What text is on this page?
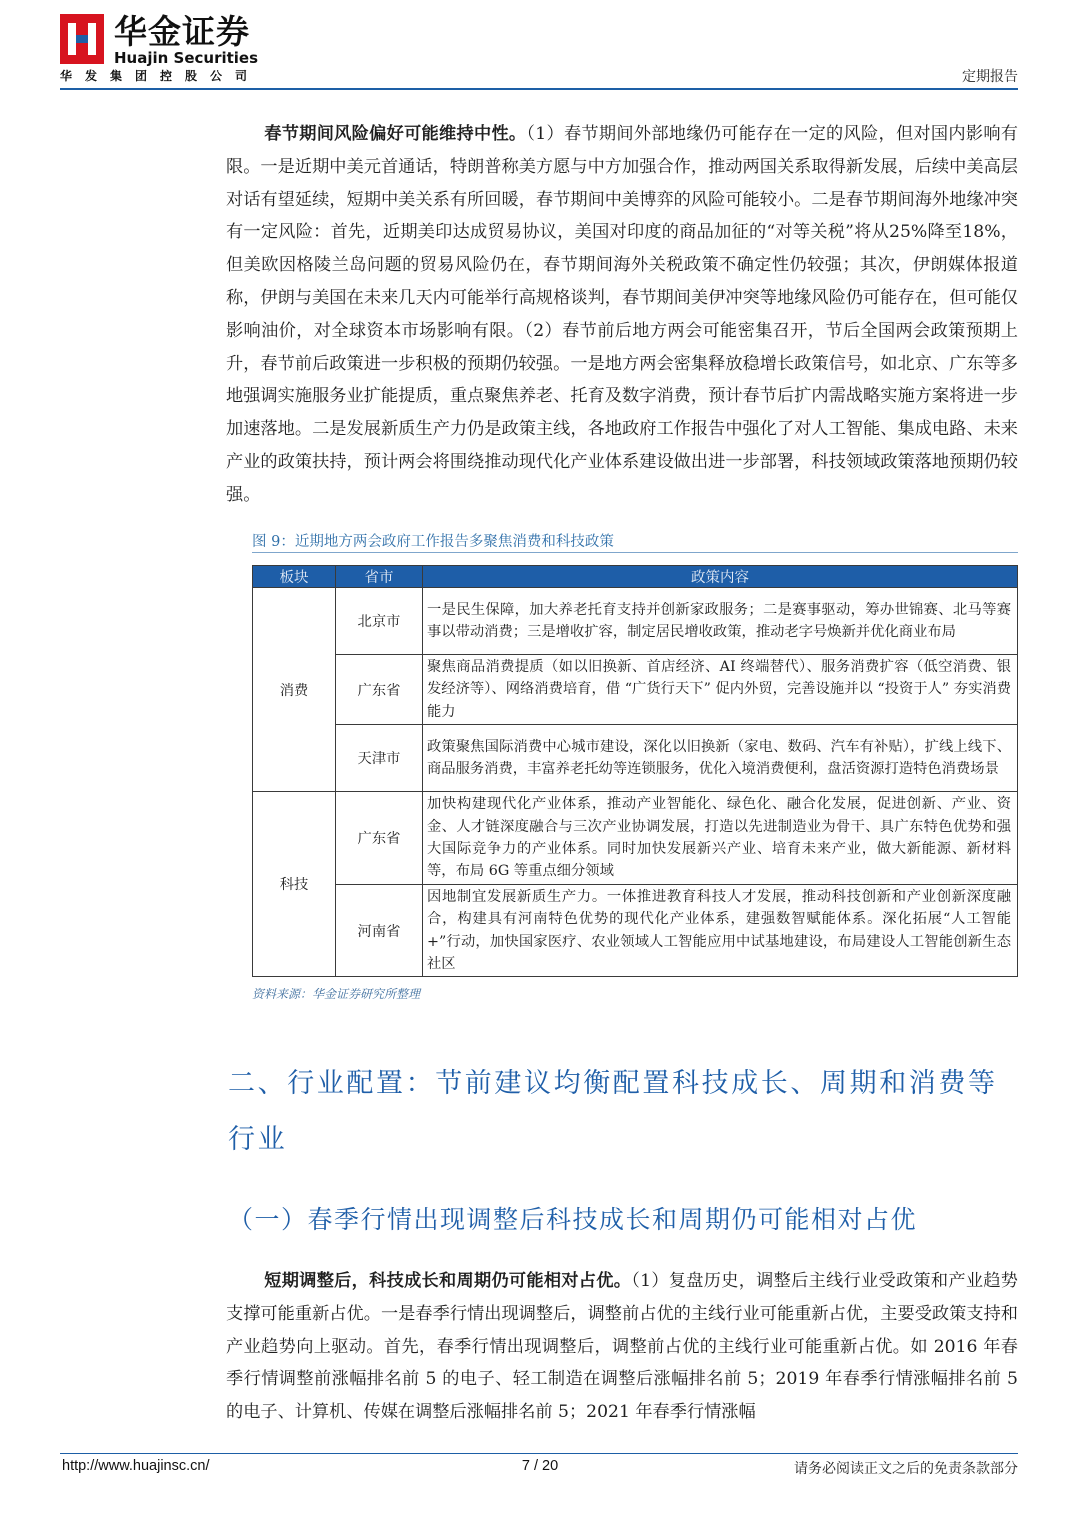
华金证券
Huajin Securities
华发集团控股公司	定期报告
春节期间风险偏好可能维持中性。（1）春节期间外部地缘仍可能存在一定的风险，但对国内影响有限。一是近期中美元首通话，特朗普称美方愿与中方加强合作，推动两国关系取得新发展，后续中美高层对话有望延续，短期中美关系有所回暖，春节期间中美博弈的风险可能较小。二是春节期间海外地缘冲突有一定风险：首先，近期美印达成贸易协议，美国对印度的商品加征的“对等关税”将从25%降至18%，但美欧因格陵兰岛问题的贸易风险仍在，春节期间海外关税政策不确定性仍较强；其次，伊朗媒体报道称，伊朗与美国在未来几天内可能举行高规格谈判，春节期间美伊冲突等地缘风险仍可能存在，但可能仅影响油价，对全球资本市场影响有限。（2）春节前后地方两会可能密集召开，节后全国两会政策预期上升，春节前后政策进一步积极的预期仍较强。一是地方两会密集释放稳增长政策信号，如北京、广东等多地强调实施服务业扩能提质，重点聚焦养老、托育及数字消费，预计春节后扩内需战略实施方案将进一步加速落地。二是发展新质生产力仍是政策主线，各地政府工作报告中强化了对人工智能、集成电路、未来产业的政策扶持，预计两会将围绕推动现代化产业体系建设做出进一步部署，科技领域政策落地预期仍较强。
图 9：近期地方两会政府工作报告多聚焦消费和科技政策
板块	省市	政策内容
消费	北京市	一是民生保障，加大养老托育支持并创新家政服务；二是赛事驱动，筹办世锦赛、北马等赛事以带动消费；三是增收扩容，制定居民增收政策，推动老字号焕新并优化商业布局
	广东省	聚焦商品消费提质（如以旧换新、首店经济、AI 终端替代）、服务消费扩容（低空消费、银发经济等）、网络消费培育，借 “广货行天下” 促内外贸，完善设施并以 “投资于人” 夯实消费能力
	天津市	政策聚焦国际消费中心城市建设，深化以旧换新（家电、数码、汽车有补贴），扩线上线下、商品服务消费，丰富养老托幼等连锁服务，优化入境消费便利，盘活资源打造特色消费场景
科技	广东省	加快构建现代化产业体系，推动产业智能化、绿色化、融合化发展，促进创新、产业、资金、人才链深度融合与三次产业协调发展，打造以先进制造业为骨干、具广东特色优势和强大国际竞争力的产业体系。同时加快发展新兴产业、培育未来产业，做大新能源、新材料等，布局 6G 等重点细分领域
	河南省	因地制宜发展新质生产力。一体推进教育科技人才发展，推动科技创新和产业创新深度融合，构建具有河南特色优势的现代化产业体系，建强数智赋能体系。深化拓展“人工智能+”行动，加快国家医疗、农业领域人工智能应用中试基地建设，布局建设人工智能创新生态社区
资料来源：华金证券研究所整理
二、行业配置：节前建议均衡配置科技成长、周期和消费等行业
（一）春季行情出现调整后科技成长和周期仍可能相对占优
短期调整后，科技成长和周期仍可能相对占优。（1）复盘历史，调整后主线行业受政策和产业趋势支撑可能重新占优。一是春季行情出现调整后，调整前占优的主线行业可能重新占优，主要受政策支持和产业趋势向上驱动。首先，春季行情出现调整后，调整前占优的主线行业可能重新占优。如 2016 年春季行情调整前涨幅排名前 5 的电子、轻工制造在调整后涨幅排名前 5；2019 年春季行情涨幅排名前 5 的电子、计算机、传媒在调整后涨幅排名前 5；2021 年春季行情涨幅
http://www.huajinsc.cn/	7 / 20	请务必阅读正文之后的免责条款部分
